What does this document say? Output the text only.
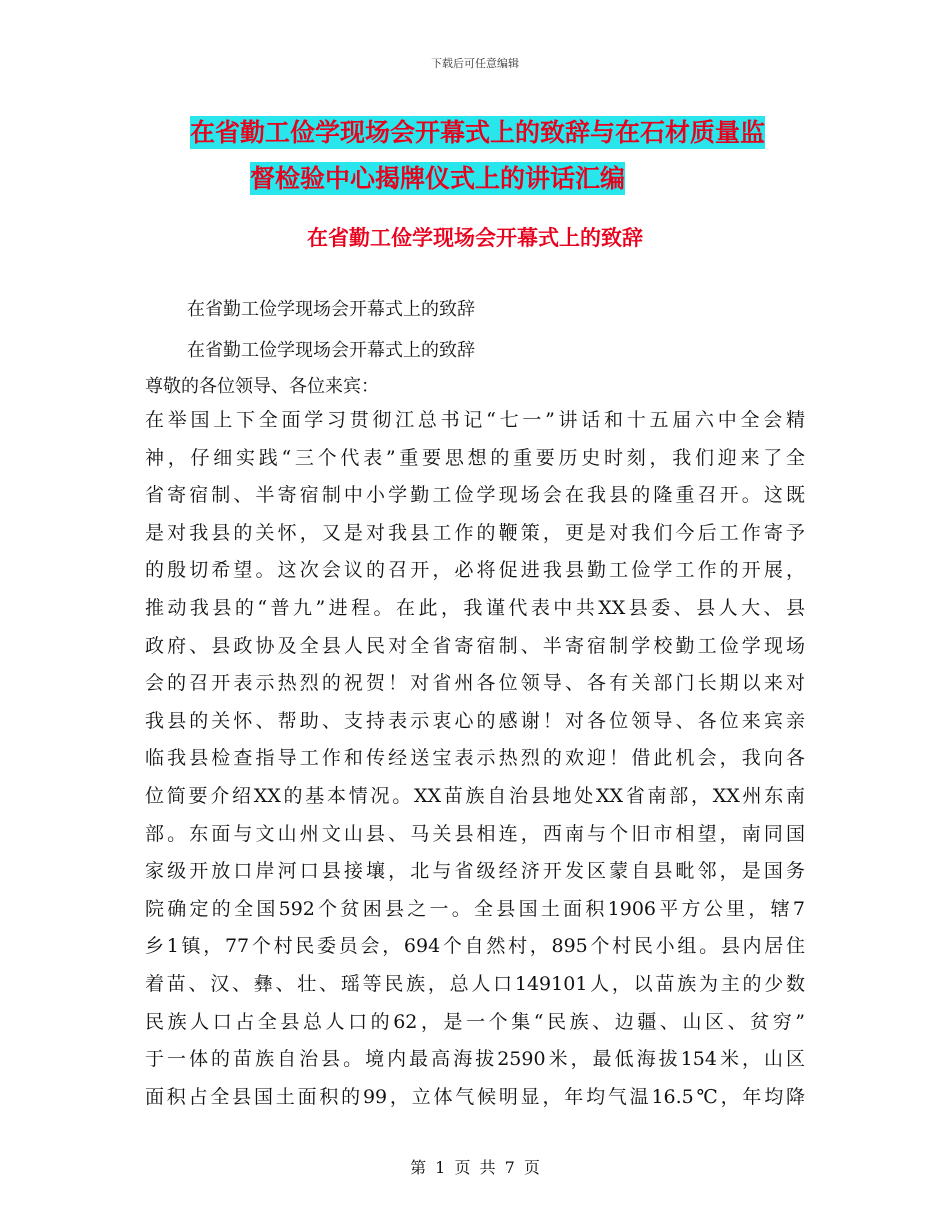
下载后可任意编辑
在省勤工俭学现场会开幕式上的致辞与在石材质量监
督检验中心揭牌仪式上的讲话汇编
在省勤工俭学现场会开幕式上的致辞
在省勤工俭学现场会开幕式上的致辞
在省勤工俭学现场会开幕式上的致辞
尊敬的各位领导、各位来宾：
在举国上下全面学习贯彻江总书记“七一”讲话和十五届六中全会精
神，仔细实践“三个代表”重要思想的重要历史时刻，我们迎来了全
省寄宿制、半寄宿制中小学勤工俭学现场会在我县的隆重召开。这既
是对我县的关怀，又是对我县工作的鞭策，更是对我们今后工作寄予
的殷切希望。这次会议的召开，必将促进我县勤工俭学工作的开展，
推动我县的“普九”进程。在此，我谨代表中共XX县委、县人大、县
政府、县政协及全县人民对全省寄宿制、半寄宿制学校勤工俭学现场
会的召开表示热烈的祝贺！对省州各位领导、各有关部门长期以来对
我县的关怀、帮助、支持表示衷心的感谢！对各位领导、各位来宾亲
临我县检查指导工作和传经送宝表示热烈的欢迎！借此机会，我向各
位简要介绍XX的基本情况。XX苗族自治县地处XX省南部，XX州东南
部。东面与文山州文山县、马关县相连，西南与个旧市相望，南同国
家级开放口岸河口县接壤，北与省级经济开发区蒙自县毗邻，是国务
院确定的全国592个贫困县之一。全县国土面积1906平方公里，辖7
乡1镇，77个村民委员会，694个自然村，895个村民小组。县内居住
着苗、汉、彝、壮、瑶等民族，总人口149101人，以苗族为主的少数
民族人口占全县总人口的62，是一个集“民族、边疆、山区、贫穷”
于一体的苗族自治县。境内最高海拔2590米，最低海拔154米，山区
面积占全县国土面积的99，立体气候明显，年均气温16.5℃，年均降
第 1 页 共 7 页
